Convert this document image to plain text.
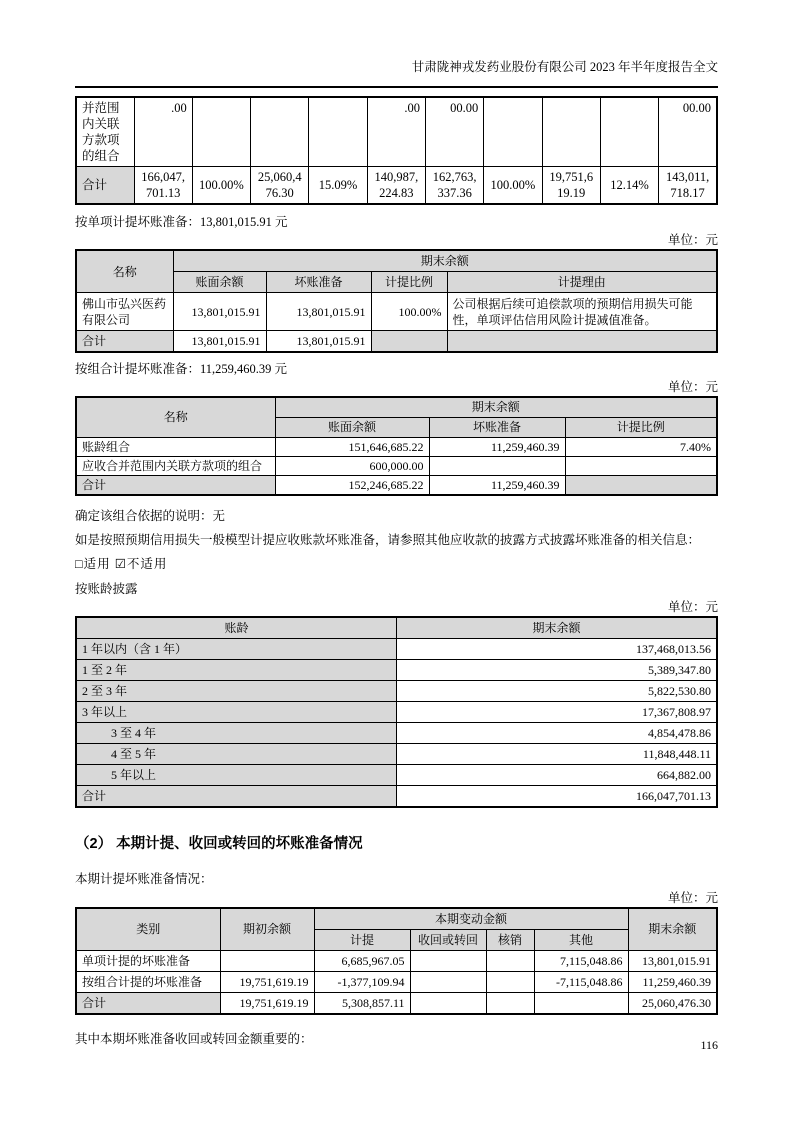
甘肃陇神戎发药业股份有限公司 2023 年半年度报告全文
并范围内关联方款项的组合	.00				.00	00.00				00.00
合计	166,047,701.13	100.00%	25,060,476.30	15.09%	140,987,224.83	162,763,337.36	100.00%	19,751,619.19	12.14%	143,011,718.17

按单项计提坏账准备：13,801,015.91 元

单位：元

名称	期末余额			
	账面余额	坏账准备	计提比例	计提理由
佛山市弘兴医药有限公司	13,801,015.91	13,801,015.91	100.00%	公司根据后续可追偿款项的预期信用损失可能性，单项评估信用风险计提减值准备。
合计	13,801,015.91	13,801,015.91		

按组合计提坏账准备：11,259,460.39 元

单位：元

名称	期末余额		
	账面余额	坏账准备	计提比例
账龄组合	151,646,685.22	11,259,460.39	7.40%
应收合并范围内关联方款项的组合	600,000.00		
合计	152,246,685.22	11,259,460.39	

确定该组合依据的说明：无

如是按照预期信用损失一般模型计提应收账款坏账准备，请参照其他应收款的披露方式披露坏账准备的相关信息：

□适用 ☑不适用

按账龄披露

单位：元

账龄	期末余额
1 年以内（含 1 年）	137,468,013.56
1 至 2 年	5,389,347.80
2 至 3 年	5,822,530.80
3 年以上	17,367,808.97
3 至 4 年	4,854,478.86
4 至 5 年	11,848,448.11
5 年以上	664,882.00
合计	166,047,701.13

（2） 本期计提、收回或转回的坏账准备情况

本期计提坏账准备情况：

单位：元

类别	期初余额	本期变动金额				期末余额
		计提	收回或转回	核销	其他	
单项计提的坏账准备		6,685,967.05			7,115,048.86	13,801,015.91
按组合计提的坏账准备	19,751,619.19	-1,377,109.94			-7,115,048.86	11,259,460.39
合计	19,751,619.19	5,308,857.11				25,060,476.30

其中本期坏账准备收回或转回金额重要的：	116
